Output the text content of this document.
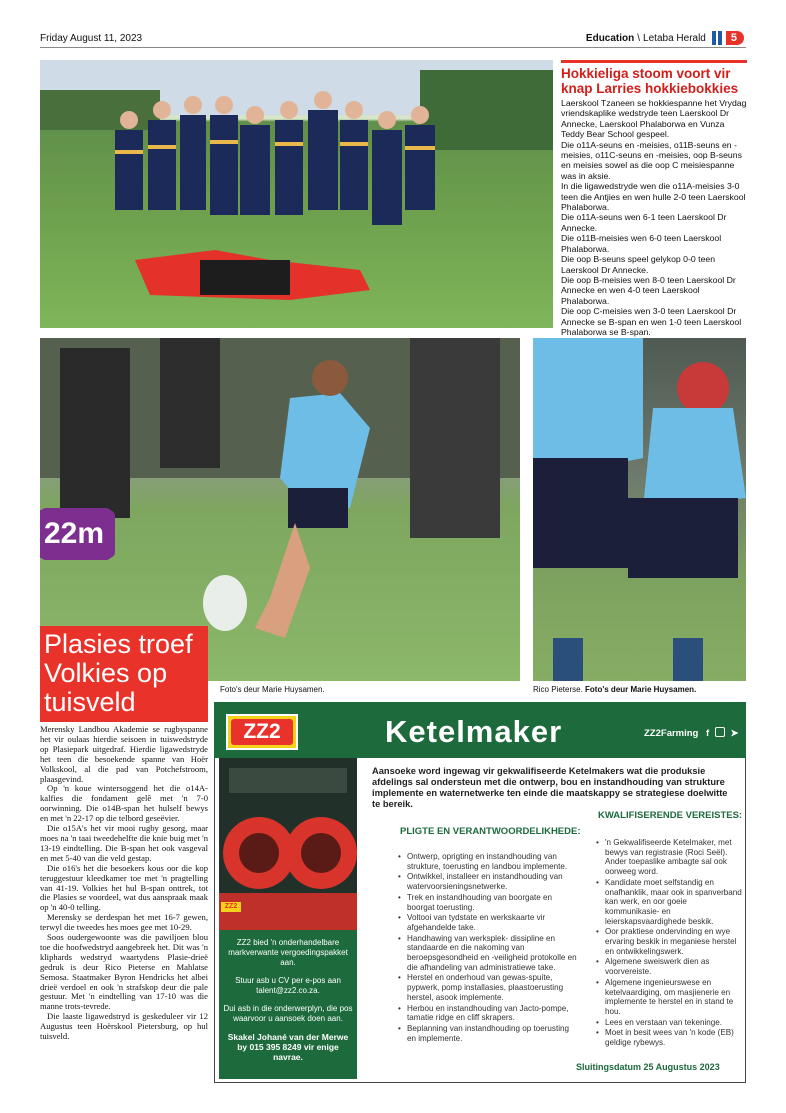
Friday August 11, 2023	Education \ Letaba Herald	5
Hokkieliga stoom voort vir knap Larries hokkiebokkies

Laerskool Tzaneen se hokkiespanne het Vrydag vriendskaplike wedstryde teen Laerskool Dr Annecke, Laerskool Phalaborwa en Vunza Teddy Bear School gespeel.

Die o11A-seuns en -meisies, o11B-seuns en -meisies, o11C-seuns en -meisies, oop B-seuns en meisies sowel as die oop C meisiespanne was in aksie.

In die ligawedstryde wen die o11A-meisies 3-0 teen die Antjies en wen hulle 2-0 teen Laerskool Phalaborwa.

Die o11A-seuns wen 6-1 teen Laerskool Dr Annecke.

Die o11B-meisies wen 6-0 teen Laerskool Phalaborwa.

Die oop B-seuns speel gelykop 0-0 teen Laerskool Dr Annecke.

Die oop B-meisies wen 8-0 teen Laerskool Dr Annecke en wen 4-0 teen Laerskool Phalaborwa.

Die oop C-meisies wen 3-0 teen Laerskool Dr Annecke se B-span en wen 1-0 teen Laerskool Phalaborwa se B-span.

22m
Foto's deur Marie Huysamen.	Rico Pieterse. Foto's deur Marie Huysamen.
Plasies troef Volkies op tuisveld

Merensky Landbou Akademie se rugbyspanne het vir oulaas hierdie seisoen in tuiswedstryde op Plasiepark uitgedraf. Hierdie ligawedstryde het teen die besoekende spanne van Hoër Volkskool, al die pad van Potchefstroom, plaasgevind.

Op 'n koue wintersoggend het die o14A-kalfies die fondament gelê met 'n 7-0 oorwinning. Die o14B-span het hulself bewys en met 'n 22-17 op die telbord geseëvier.

Die o15A's het vir mooi rugby gesorg, maar moes na 'n taai tweedehelfte die knie buig met 'n 13-19 eindtelling. Die B-span het ook vasgeval en met 5-40 van die veld gestap.

Die o16's het die besoekers kous oor die kop teruggestuur kleedkamer toe met 'n pragtelling van 41-19. Volkies het hul B-span onttrek, tot die Plasies se voordeel, wat dus aanspraak maak op 'n 40-0 telling.

Merensky se derdespan het met 16-7 gewen, terwyl die tweedes hes moes gee met 10-29.

Soos oudergewoonte was die pawiljoen blou toe die hoofwedstryd aangebreek het. Dit was 'n kliphards wedstryd waartydens Plasie-drieë gedruk is deur Rico Pieterse en Mahlatse Semosa. Staatmaker Byron Hendricks het albei drieë verdoel en ook 'n strafskop deur die pale gestuur. Met 'n eindtelling van 17-10 was die manne trots-tevrede.

Die laaste ligawedstryd is geskeduleer vir 12 Augustus teen Hoërskool Pietersburg, op hul tuisveld.

ZZ2	Ketelmaker	ZZ2Farming f ➤
ZZ2

ZZ2 bied 'n onderhandelbare markverwante vergoedingspakket aan.

Stuur asb u CV per e-pos aan talent@zz2.co.za.

Dui asb in die onderwerplyn, die pos waarvoor u aansoek doen aan.

Skakel Johané van der Merwe by 015 395 8249 vir enige navrae.

Aansoeke word ingewag vir gekwalifiseerde Ketelmakers wat die produksie afdelings sal ondersteun met die ontwerp, bou en instandhouding van strukture implemente en waternetwerke ten einde die maatskappy se strategiese doelwitte te bereik.
PLIGTE EN VERANTWOORDELIKHEDE:
• Ontwerp, oprigting en instandhouding van strukture, toerusting en landbou implemente.
• Ontwikkel, installeer en instandhouding van watervoorsieningsnetwerke.
• Trek en instandhouding van boorgate en boorgat toerusting.
• Voltooi van tydstate en werkskaarte vir afgehandelde take.
• Handhawing van werksplek- dissipline en standaarde en die nakoming van beroepsgesondheid en -veiligheid protokolle en die afhandeling van administratiewe take.
• Herstel en onderhoud van gewas-spuite, pypwerk, pomp installasies, plaastoerusting herstel, asook implemente.
• Herbou en instandhouding van Jacto-pompe, tamatie ridge en cliff skrapers.
• Beplanning van instandhouding op toerusting en implemente.
KWALIFISERENDE VEREISTES:
• 'n Gekwalifiseerde Ketelmaker, met bewys van registrasie (Roci Seël). Ander toepaslike ambagte sal ook oorweeg word.
• Kandidate moet selfstandig en onafhanklik, maar ook in spanverband kan werk, en oor goeie kommunikasie- en leierskapsvaardighede beskik.
• Oor praktiese ondervinding en wye ervaring beskik in meganiese herstel en ontwikkelingswerk.
• Algemene sweiswerk dien as voorvereiste.
• Algemene ingenieurswese en ketelvaardiging, om masjienerie en implemente te herstel en in stand te hou.
• Lees en verstaan van tekeninge.
• Moet in besit wees van 'n kode (EB) geldige rybewys.
Sluitingsdatum 25 Augustus 2023
